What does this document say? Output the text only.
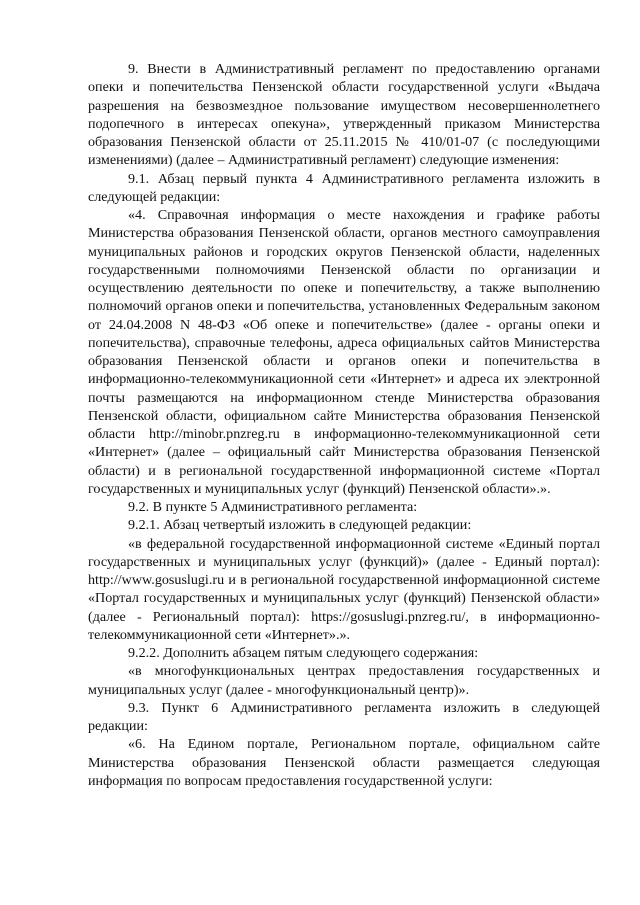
9. Внести в Административный регламент по предоставлению органами опеки и попечительства Пензенской области государственной услуги «Выдача разрешения на безвозмездное пользование имуществом несовершеннолетнего подопечного в интересах опекуна», утвержденный приказом Министерства образования Пензенской области от 25.11.2015 № 410/01-07 (с последующими изменениями) (далее – Административный регламент) следующие изменения:

9.1. Абзац первый пункта 4 Административного регламента изложить в следующей редакции:

«4. Справочная информация о месте нахождения и графике работы Министерства образования Пензенской области, органов местного самоуправления муниципальных районов и городских округов Пензенской области, наделенных государственными полномочиями Пензенской области по организации и осуществлению деятельности по опеке и попечительству, а также выполнению полномочий органов опеки и попечительства, установленных Федеральным законом от 24.04.2008 N 48-ФЗ «Об опеке и попечительстве» (далее - органы опеки и попечительства), справочные телефоны, адреса официальных сайтов Министерства образования Пензенской области и органов опеки и попечительства в информационно-телекоммуникационной сети «Интернет» и адреса их электронной почты размещаются на информационном стенде Министерства образования Пензенской области, официальном сайте Министерства образования Пензенской области http://minobr.pnzreg.ru в информационно-телекоммуникационной сети «Интернет» (далее – официальный сайт Министерства образования Пензенской области) и в региональной государственной информационной системе «Портал государственных и муниципальных услуг (функций) Пензенской области».».

9.2. В пункте 5 Административного регламента:

9.2.1. Абзац четвертый изложить в следующей редакции:

«в федеральной государственной информационной системе «Единый портал государственных и муниципальных услуг (функций)» (далее - Единый портал): http://www.gosuslugi.ru и в региональной государственной информационной системе «Портал государственных и муниципальных услуг (функций) Пензенской области» (далее - Региональный портал): https://gosuslugi.pnzreg.ru/, в информационно-телекоммуникационной сети «Интернет».».

9.2.2. Дополнить абзацем пятым следующего содержания:

«в многофункциональных центрах предоставления государственных и муниципальных услуг (далее - многофункциональный центр)».

9.3. Пункт 6 Административного регламента изложить в следующей редакции:

«6. На Едином портале, Региональном портале, официальном сайте Министерства образования Пензенской области размещается следующая информация по вопросам предоставления государственной услуги:
